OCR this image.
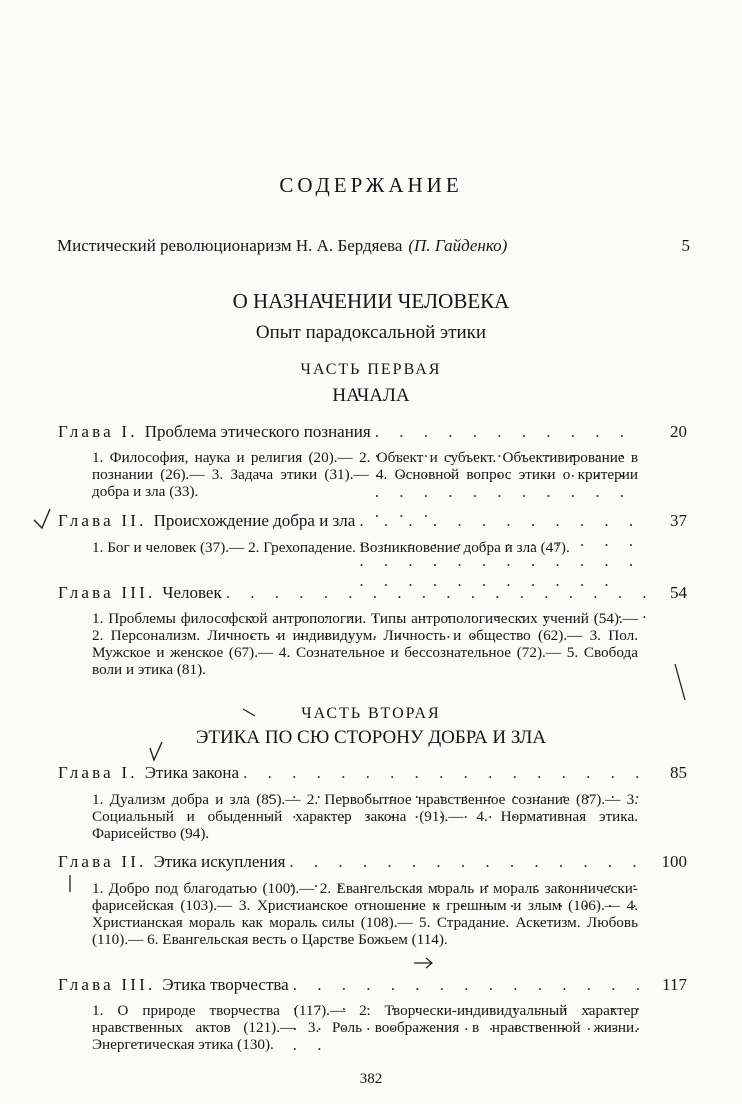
СОДЕРЖАНИЕ
Мистический революционаризм Н. А. Бердяева (П. Гайденко)	5
О НАЗНАЧЕНИИ ЧЕЛОВЕКА
Опыт парадоксальной этики
ЧАСТЬ ПЕРВАЯ
НАЧАЛА
Глава I. Проблема этического познания . . .	20
1. Философия, наука и религия (20).— 2. Объект и субъект. Объективирование в познании (26).— 3. Задача этики (31).— 4. Основной вопрос этики о критерии добра и зла (33).
Глава II. Происхождение добра и зла . . .	37
1. Бог и человек (37).— 2. Грехопадение. Возникновение добра и зла (47).
Глава III. Человек . . .	54
1. Проблемы философской антропологии. Типы антропологических учений (54).— 2. Персонализм. Личность и индивидуум. Личность и общество (62).— 3. Пол. Мужское и женское (67).— 4. Сознательное и бессознательное (72).— 5. Свобода воли и этика (81).
ЧАСТЬ ВТОРАЯ
ЭТИКА ПО СЮ СТОРОНУ ДОБРА И ЗЛА
Глава I. Этика закона . . .	85
1. Дуализм добра и зла (85).— 2. Первобытное нравственное сознание (87).— 3. Социальный и обыденный характер закона (91).— 4. Нормативная этика. Фарисейство (94).
Глава II. Этика искупления . . .	100
1. Добро под благодатью (100).— 2. Евангельская мораль и мораль законнически-фарисейская (103).— 3. Христианское отношение к грешным и злым (106).— 4. Христианская мораль как мораль силы (108).— 5. Страдание. Аскетизм. Любовь (110).— 6. Евангельская весть о Царстве Божьем (114).
Глава III. Этика творчества . . .	117
1. О природе творчества (117).— 2. Творчески-индивидуальный характер нравственных актов (121).— 3. Роль воображения в нравственной жизни. Энергетическая этика (130).
382
